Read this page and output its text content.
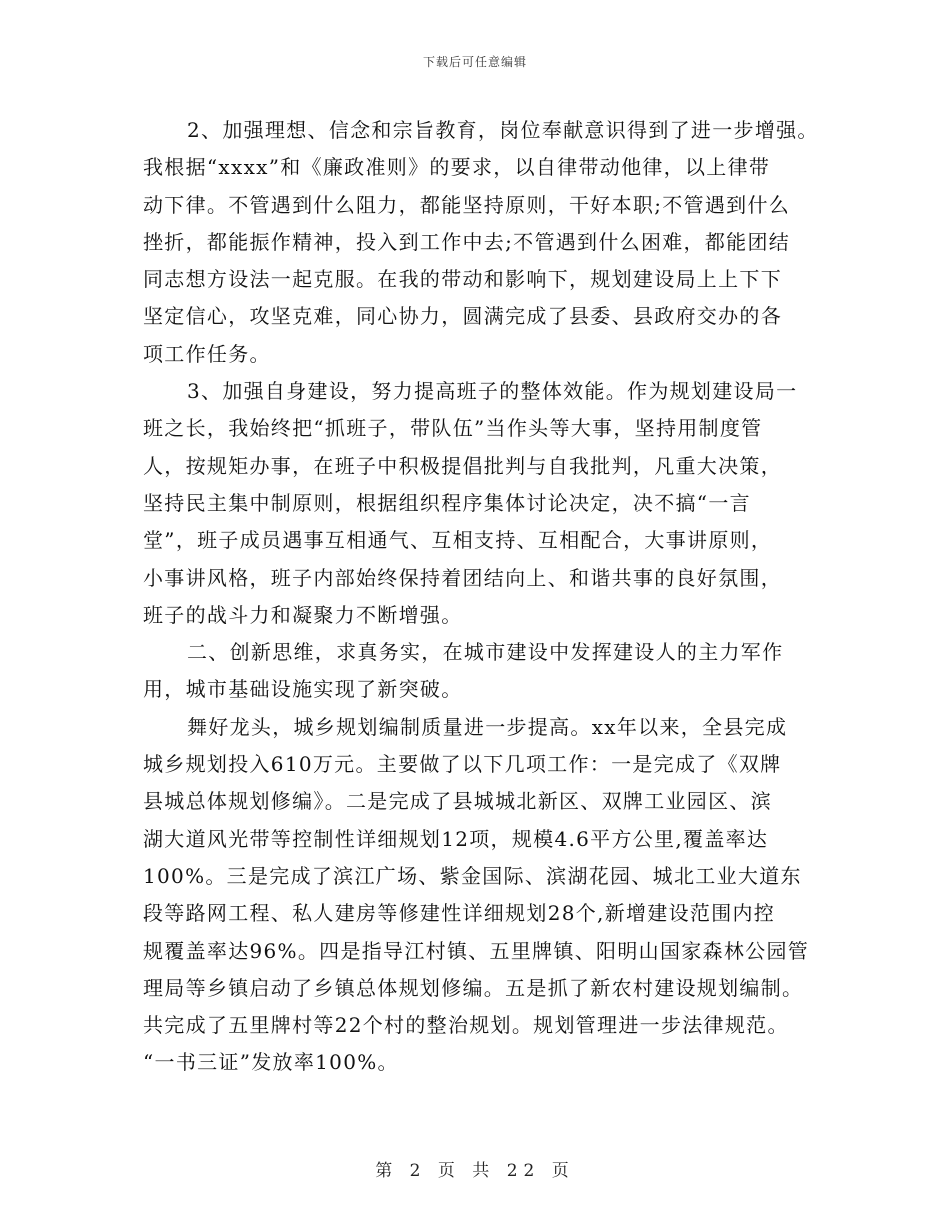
下载后可任意编辑
2、加强理想、信念和宗旨教育，岗位奉献意识得到了进一步增强。
我根据“xxxx”和《廉政准则》的要求，以自律带动他律，以上律带
动下律。不管遇到什么阻力，都能坚持原则，干好本职;不管遇到什么
挫折，都能振作精神，投入到工作中去;不管遇到什么困难，都能团结
同志想方设法一起克服。在我的带动和影响下，规划建设局上上下下
坚定信心，攻坚克难，同心协力，圆满完成了县委、县政府交办的各
项工作任务。
3、加强自身建设，努力提高班子的整体效能。作为规划建设局一
班之长，我始终把“抓班子，带队伍”当作头等大事，坚持用制度管
人，按规矩办事，在班子中积极提倡批判与自我批判，凡重大决策，
坚持民主集中制原则，根据组织程序集体讨论决定，决不搞“一言
堂”，班子成员遇事互相通气、互相支持、互相配合，大事讲原则，
小事讲风格，班子内部始终保持着团结向上、和谐共事的良好氛围，
班子的战斗力和凝聚力不断增强。
二、创新思维，求真务实，在城市建设中发挥建设人的主力军作
用，城市基础设施实现了新突破。
舞好龙头，城乡规划编制质量进一步提高。xx年以来，全县完成
城乡规划投入610万元。主要做了以下几项工作：一是完成了《双牌
县城总体规划修编》。二是完成了县城城北新区、双牌工业园区、滨
湖大道风光带等控制性详细规划12项，规模4.6平方公里,覆盖率达
100%。三是完成了滨江广场、紫金国际、滨湖花园、城北工业大道东
段等路网工程、私人建房等修建性详细规划28个,新增建设范围内控
规覆盖率达96%。四是指导江村镇、五里牌镇、阳明山国家森林公园管
理局等乡镇启动了乡镇总体规划修编。五是抓了新农村建设规划编制。
共完成了五里牌村等22个村的整治规划。规划管理进一步法律规范。
“一书三证”发放率100%。
第 2 页 共 22 页
